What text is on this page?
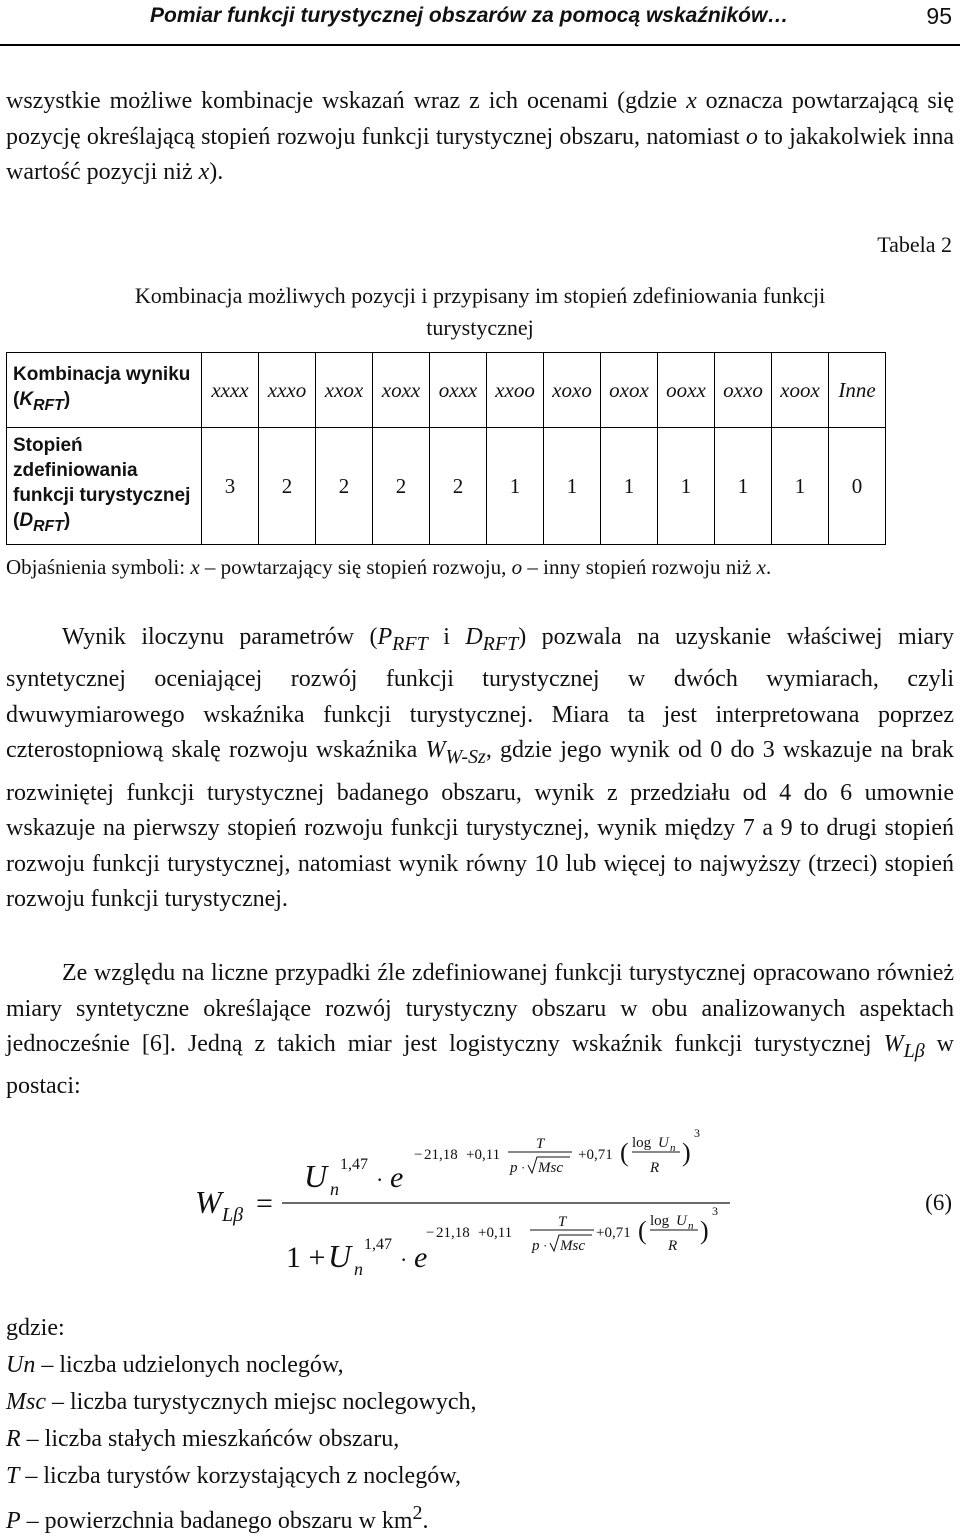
Pomiar funkcji turystycznej obszarów za pomocą wskaźników…	95

wszystkie możliwe kombinacje wskazań wraz z ich ocenami (gdzie x oznacza powtarzającą się pozycję określającą stopień rozwoju funkcji turystycznej obszaru, natomiast o to jakakolwiek inna wartość pozycji niż x).

Tabela 2
Kombinacja możliwych pozycji i przypisany im stopień zdefiniowania funkcji turystycznej
Kombinacja wyniku $(K_{RFT})$	xxxx	xxxo	xxox	xoxx	oxxx	xxoo	xoxo	oxox	ooxx	oxxo	xoox	Inne
Stopień zdefiniowania funkcji turystycznej $(D_{RFT})$	3	2	2	2	2	1	1	1	1	1	1	0
Objaśnienia symboli: x – powtarzający się stopień rozwoju, o – inny stopień rozwoju niż x.

Wynik iloczynu parametrów ($P_{RFT}$ i $D_{RFT}$) pozwala na uzyskanie właściwej miary syntetycznej oceniającej rozwój funkcji turystycznej w dwóch wymiarach, czyli dwuwymiarowego wskaźnika funkcji turystycznej. Miara ta jest interpretowana poprzez czterostopniową skalę rozwoju wskaźnika $W_{W-Sz}$, gdzie jego wynik od 0 do 3 wskazuje na brak rozwiniętej funkcji turystycznej badanego obszaru, wynik z przedziału od 4 do 6 umownie wskazuje na pierwszy stopień rozwoju funkcji turystycznej, wynik między 7 a 9 to drugi stopień rozwoju funkcji turystycznej, natomiast wynik równy 10 lub więcej to najwyższy (trzeci) stopień rozwoju funkcji turystycznej.

Ze względu na liczne przypadki źle zdefiniowanej funkcji turystycznej opracowano również miary syntetyczne określające rozwój turystyczny obszaru w obu analizowanych aspektach jednocześnie [6]. Jedną z takich miar jest logistyczny wskaźnik funkcji turystycznej $W_{L\beta}$ w postaci:

W Lβ =
U n
1,47
· e
− 21,18 +0,11
T
p · Msc
+0,71 ( log U n
R
)
3
1 + U n
1,47
· e
− 21,18 +0,11
T
p · Msc
+0,71 ( log U n
R
)
3	(6)
gdzie:
Un – liczba udzielonych noclegów,
Msc – liczba turystycznych miejsc noclegowych,
R – liczba stałych mieszkańców obszaru,
T – liczba turystów korzystających z noclegów,
P – powierzchnia badanego obszaru w $km^2$.
